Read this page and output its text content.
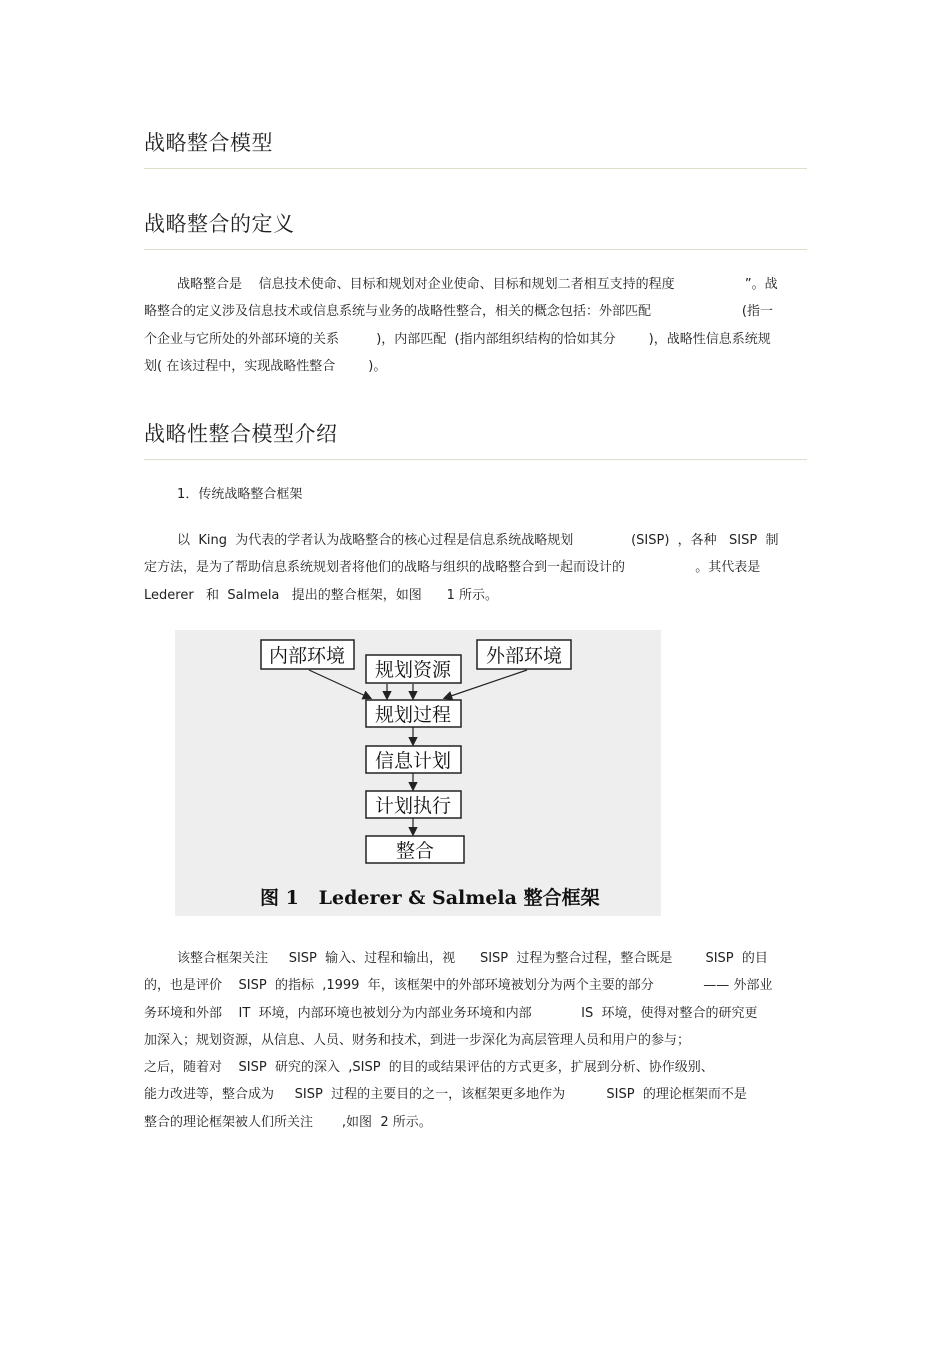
战略整合模型
战略整合的定义

战略整合是    信息技术使命、目标和规划对企业使命、目标和规划二者相互支持的程度                 ”。战
略整合的定义涉及信息技术或信息系统与业务的战略性整合，相关的概念包括：外部匹配                      (指一
个企业与它所处的外部环境的关系         )，内部匹配  (指内部组织结构的恰如其分        )，战略性信息系统规
划( 在该过程中，实现战略性整合        )。

战略性整合模型介绍

1．传统战略整合框架

以  King  为代表的学者认为战略整合的核心过程是信息系统战略规划              (SISP)  ，各种   SISP  制
定方法，是为了帮助信息系统规划者将他们的战略与组织的战略整合到一起而设计的                 。其代表是
Lederer   和  Salmela   提出的整合框架，如图      1 所示。

内部环境
规划资源
外部环境
规划过程
信息计划
计划执行
整合
图 1   Lederer & Salmela 整合框架

该整合框架关注     SISP  输入、过程和输出，视      SISP  过程为整合过程，整合既是        SISP  的目
的，也是评价    SISP  的指标  ,1999  年，该框架中的外部环境被划分为两个主要的部分            —— 外部业
务环境和外部    IT  环境，内部环境也被划分为内部业务环境和内部            IS  环境，使得对整合的研究更
加深入；规划资源，从信息、人员、财务和技术，到进一步深化为高层管理人员和用户的参与；
之后，随着对    SISP  研究的深入  ,SISP  的目的或结果评估的方式更多，扩展到分析、协作级别、
能力改进等，整合成为     SISP  过程的主要目的之一，该框架更多地作为          SISP  的理论框架而不是
整合的理论框架被人们所关注       ,如图  2 所示。
